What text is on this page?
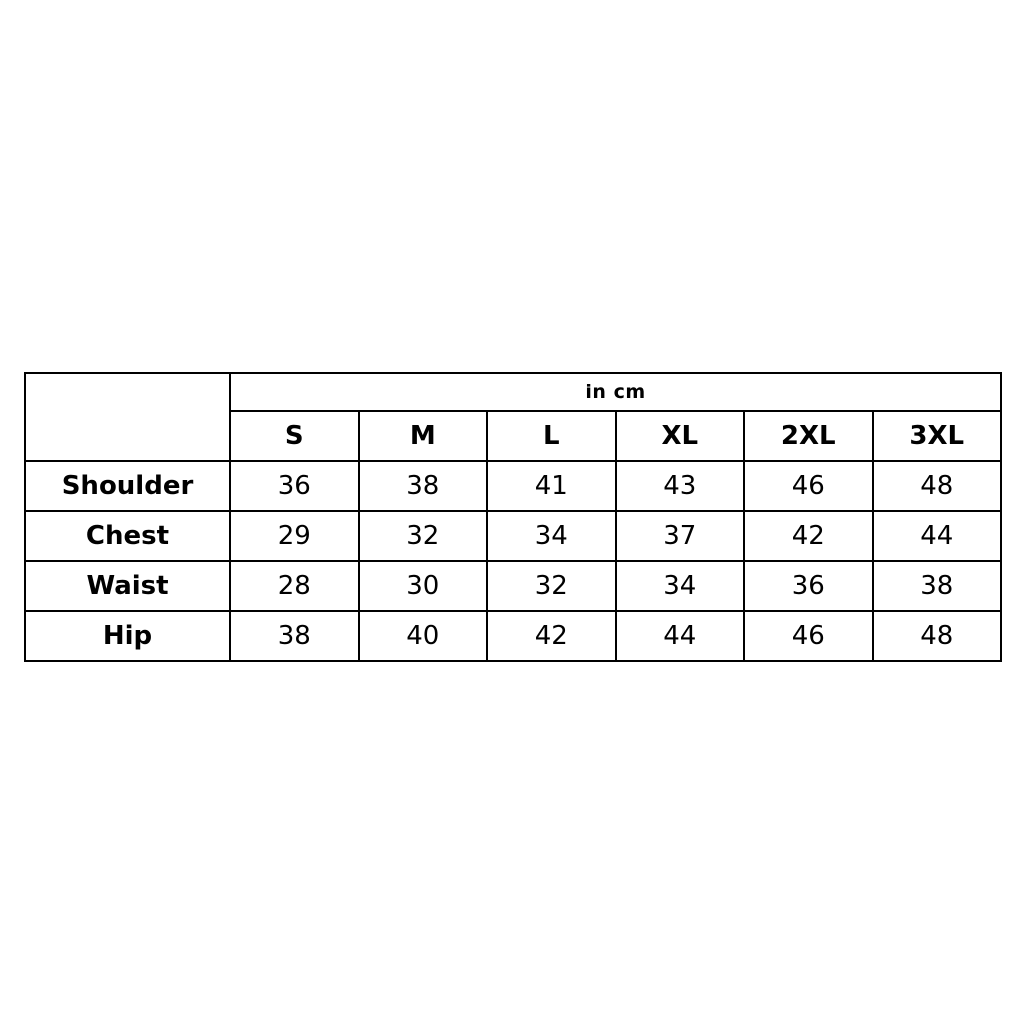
	in cm					
	S	M	L	XL	2XL	3XL
Shoulder	36	38	41	43	46	48
Chest	29	32	34	37	42	44
Waist	28	30	32	34	36	38
Hip	38	40	42	44	46	48
